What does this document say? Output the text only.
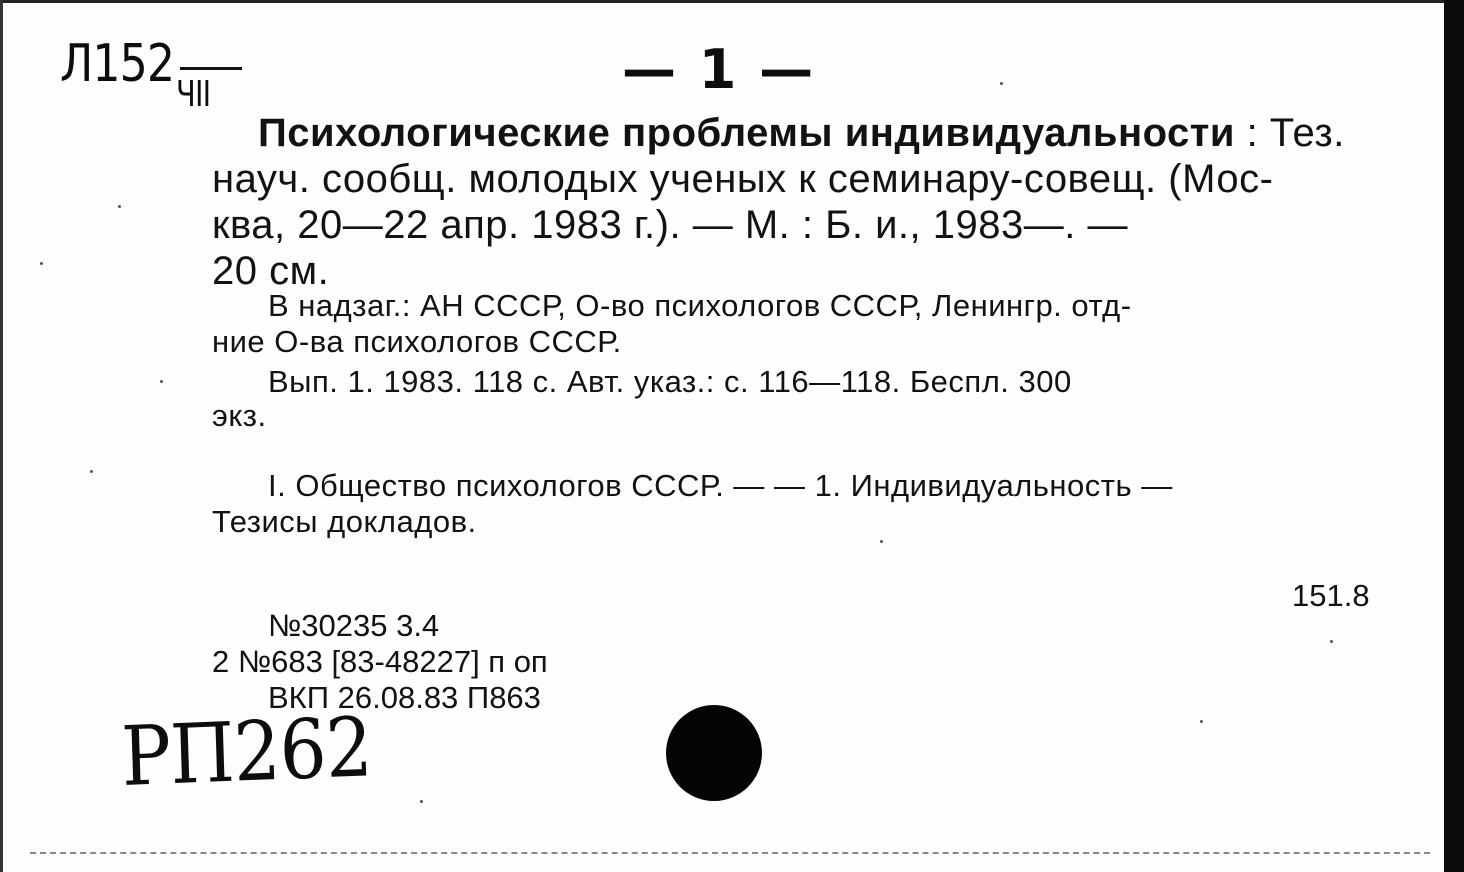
Л152
ЧII	— 1 —

Психологические проблемы индивидуальности : Тез.

науч. сообщ. молодых ученых к семинару-совещ. (Мос-

ква, 20—22 апр. 1983 г.). — М. : Б. и., 1983—. —

20 см.

В надзаг.: АН СССР, О-во психологов СССР, Ленингр. отд-

ние О-ва психологов СССР.

Вып. 1. 1983. 118 с. Авт. указ.: с. 116—118. Беспл. 300

экз.

I. Общество психологов СССР. — — 1. Индивидуальность —

Тезисы докладов.

151.8

№30235 3.4

2 №683 [83-48227] п оп

ВКП 26.08.83 П863

РП262
